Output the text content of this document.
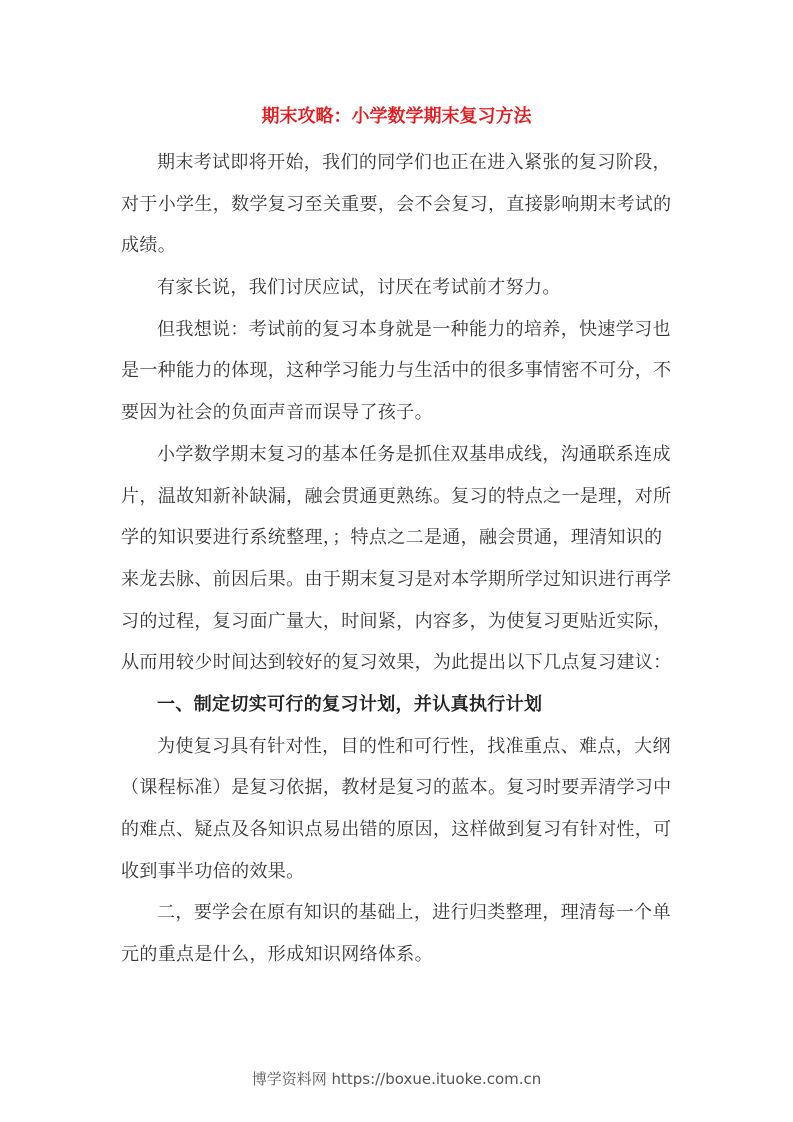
期末攻略：小学数学期末复习方法
期末考试即将开始，我们的同学们也正在进入紧张的复习阶段，
对于小学生，数学复习至关重要，会不会复习，直接影响期末考试的
成绩。
有家长说，我们讨厌应试，讨厌在考试前才努力。
但我想说：考试前的复习本身就是一种能力的培养，快速学习也
是一种能力的体现，这种学习能力与生活中的很多事情密不可分，不
要因为社会的负面声音而误导了孩子。
小学数学期末复习的基本任务是抓住双基串成线，沟通联系连成
片，温故知新补缺漏，融会贯通更熟练。复习的特点之一是理，对所
学的知识要进行系统整理，；特点之二是通，融会贯通，理清知识的
来龙去脉、前因后果。由于期末复习是对本学期所学过知识进行再学
习的过程，复习面广量大，时间紧，内容多，为使复习更贴近实际，
从而用较少时间达到较好的复习效果，为此提出以下几点复习建议：
一、制定切实可行的复习计划，并认真执行计划
为使复习具有针对性，目的性和可行性，找准重点、难点，大纲
（课程标准）是复习依据，教材是复习的蓝本。复习时要弄清学习中
的难点、疑点及各知识点易出错的原因，这样做到复习有针对性，可
收到事半功倍的效果。
二，要学会在原有知识的基础上，进行归类整理，理清每一个单
元的重点是什么，形成知识网络体系。
博学资料网 https://boxue.ituoke.com.cn
